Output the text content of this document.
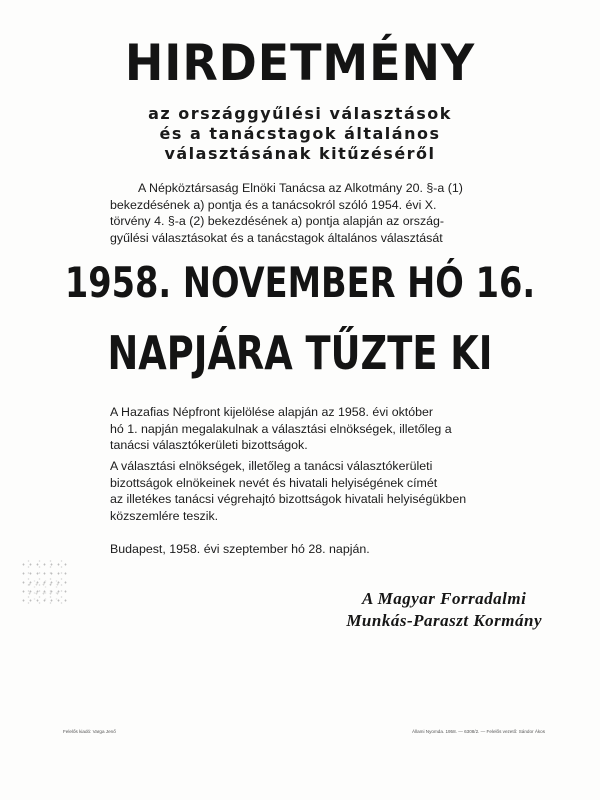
HIRDETMÉNY
az országgyűlési választások
és a tanácstagok általános
választásának kitűzéséről
A Népköztársaság Elnöki Tanácsa az Alkotmány 20. §-a (1)
bekezdésének a) pontja és a tanácsokról szóló 1954. évi X.
törvény 4. §-a (2) bekezdésének a) pontja alapján az ország-
gyűlési választásokat és a tanácstagok általános választását
1958. NOVEMBER HÓ 16.
NAPJÁRA TŰZTE KI
A Hazafias Népfront kijelölése alapján az 1958. évi október
hó 1. napján megalakulnak a választási elnökségek, illetőleg a
tanácsi választókerületi bizottságok.
A választási elnökségek, illetőleg a tanácsi választókerületi
bizottságok elnökeinek nevét és hivatali helyiségének címét
az illetékes tanácsi végrehajtó bizottságok hivatali helyiségükben
közszemlére teszik.
Budapest, 1958. évi szeptember hó 28. napján.
A Magyar Forradalmi
Munkás-Paraszt Kormány
Felelős kiadó: Varga Jenő	Állami Nyomda. 1958. — 6308/2. — Felelős vezető: Sándor Ákos
